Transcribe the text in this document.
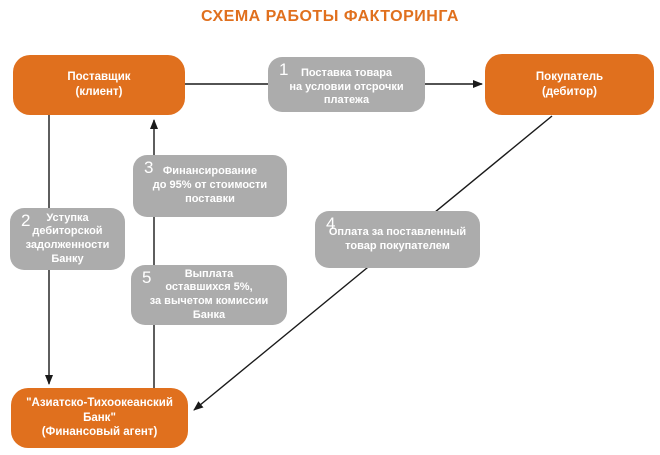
СХЕМА РАБОТЫ ФАКТОРИНГА
Поставщик
(клиент)
Покупатель
(дебитор)
"Азиатско-Тихоокеанский Банк"
(Финансовый агент)
1 Поставка товара
на условии отсрочки платежа
2 Уступка
дебиторской
задолженности Банку
3 Финансирование
до 95% от стоимости поставки
4
Оплата за поставленный
товар покупателем
5	Выплата
оставшихся 5%,
за вычетом комиссии Банка
